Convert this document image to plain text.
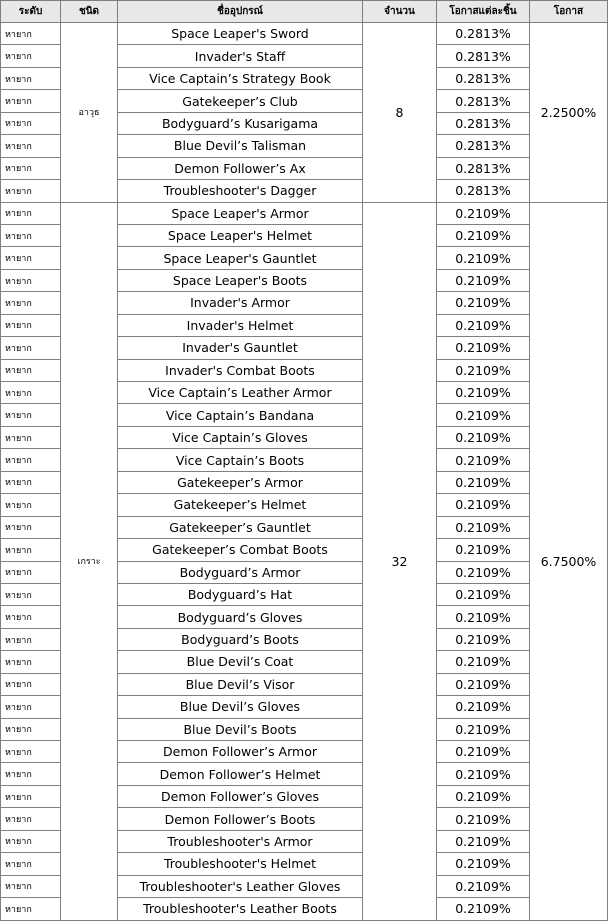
ระดับ	ชนิด	ชื่ออุปกรณ์	จำนวน	โอกาสแต่ละชิ้น	โอกาส
หายาก	อาวุธ	Space Leaper's Sword	8	0.2813%	2.2500%
หายาก		Invader's Staff		0.2813%	
หายาก		Vice Captain’s Strategy Book		0.2813%	
หายาก		Gatekeeper’s Club		0.2813%	
หายาก		Bodyguard’s Kusarigama		0.2813%	
หายาก		Blue Devil’s Talisman		0.2813%	
หายาก		Demon Follower’s Ax		0.2813%	
หายาก		Troubleshooter's Dagger		0.2813%	
หายาก	เกราะ	Space Leaper's Armor	32	0.2109%	6.7500%
หายาก		Space Leaper's Helmet		0.2109%	
หายาก		Space Leaper's Gauntlet		0.2109%	
หายาก		Space Leaper's Boots		0.2109%	
หายาก		Invader's Armor		0.2109%	
หายาก		Invader's Helmet		0.2109%	
หายาก		Invader's Gauntlet		0.2109%	
หายาก		Invader's Combat Boots		0.2109%	
หายาก		Vice Captain’s Leather Armor		0.2109%	
หายาก		Vice Captain’s Bandana		0.2109%	
หายาก		Vice Captain’s Gloves		0.2109%	
หายาก		Vice Captain’s Boots		0.2109%	
หายาก		Gatekeeper’s Armor		0.2109%	
หายาก		Gatekeeper’s Helmet		0.2109%	
หายาก		Gatekeeper’s Gauntlet		0.2109%	
หายาก		Gatekeeper’s Combat Boots		0.2109%	
หายาก		Bodyguard’s Armor		0.2109%	
หายาก		Bodyguard’s Hat		0.2109%	
หายาก		Bodyguard’s Gloves		0.2109%	
หายาก		Bodyguard’s Boots		0.2109%	
หายาก		Blue Devil’s Coat		0.2109%	
หายาก		Blue Devil’s Visor		0.2109%	
หายาก		Blue Devil’s Gloves		0.2109%	
หายาก		Blue Devil’s Boots		0.2109%	
หายาก		Demon Follower’s Armor		0.2109%	
หายาก		Demon Follower’s Helmet		0.2109%	
หายาก		Demon Follower’s Gloves		0.2109%	
หายาก		Demon Follower’s Boots		0.2109%	
หายาก		Troubleshooter's Armor		0.2109%	
หายาก		Troubleshooter's Helmet		0.2109%	
หายาก		Troubleshooter's Leather Gloves		0.2109%	
หายาก		Troubleshooter's Leather Boots		0.2109%	
